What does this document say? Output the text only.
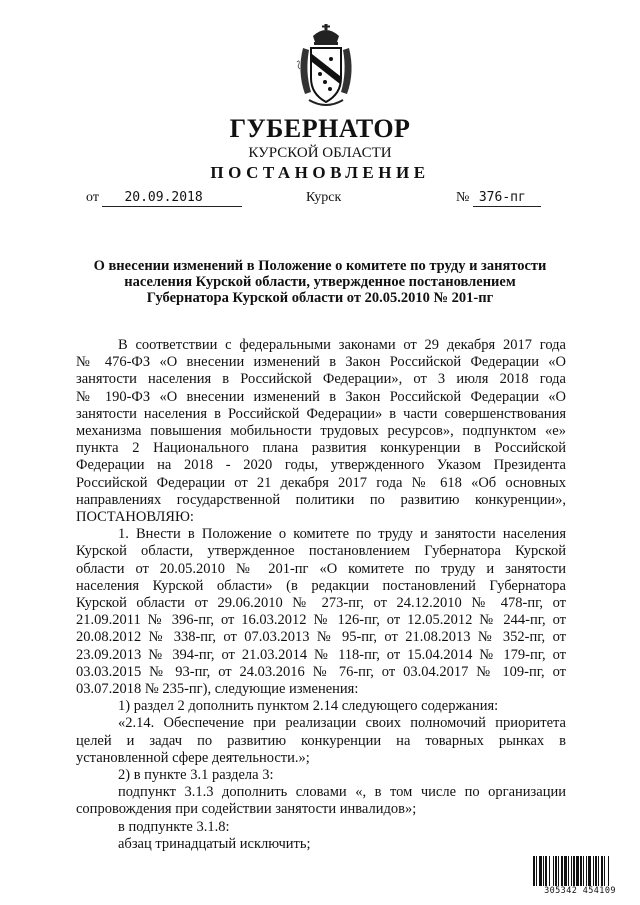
ГУБЕРНАТОР
КУРСКОЙ ОБЛАСТИ
ПОСТАНОВЛЕНИЕ
от 20.09.2018	Курск	№ 376-пг
О внесении изменений в Положение о комитете по труду и занятости
населения Курской области, утвержденное постановлением
Губернатора Курской области от 20.05.2010 № 201-пг

В соответствии с федеральными законами от 29 декабря 2017 года

№ 476-ФЗ «О внесении изменений в Закон Российской Федерации «О

занятости населения в Российской Федерации», от 3 июля 2018 года

№ 190-ФЗ «О внесении изменений в Закон Российской Федерации «О

занятости населения в Российской Федерации» в части совершенствования

механизма повышения мобильности трудовых ресурсов», подпунктом «е»

пункта 2 Национального плана развития конкуренции в Российской

Федерации на 2018 - 2020 годы, утвержденного Указом Президента

Российской Федерации от 21 декабря 2017 года № 618 «Об основных

направлениях государственной политики по развитию конкуренции»,

ПОСТАНОВЛЯЮ:

1. Внести в Положение о комитете по труду и занятости населения

Курской области, утвержденное постановлением Губернатора Курской

области от 20.05.2010 № 201-пг «О комитете по труду и занятости

населения Курской области» (в редакции постановлений Губернатора

Курской области от 29.06.2010 № 273-пг, от 24.12.2010 № 478-пг, от

21.09.2011 № 396-пг, от 16.03.2012 № 126-пг, от 12.05.2012 № 244-пг, от

20.08.2012 № 338-пг, от 07.03.2013 № 95-пг, от 21.08.2013 № 352-пг, от

23.09.2013 № 394-пг, от 21.03.2014 № 118-пг, от 15.04.2014 № 179-пг, от

03.03.2015 № 93-пг, от 24.03.2016 № 76-пг, от 03.04.2017 № 109-пг, от

03.07.2018 № 235-пг), следующие изменения:

1) раздел 2 дополнить пунктом 2.14 следующего содержания:

«2.14. Обеспечение при реализации своих полномочий приоритета

целей и задач по развитию конкуренции на товарных рынках в

установленной сфере деятельности.»;

2) в пункте 3.1 раздела 3:

подпункт 3.1.3 дополнить словами «, в том числе по организации

сопровождения при содействии занятости инвалидов»;

в подпункте 3.1.8:

абзац тринадцатый исключить;

305342 454109
